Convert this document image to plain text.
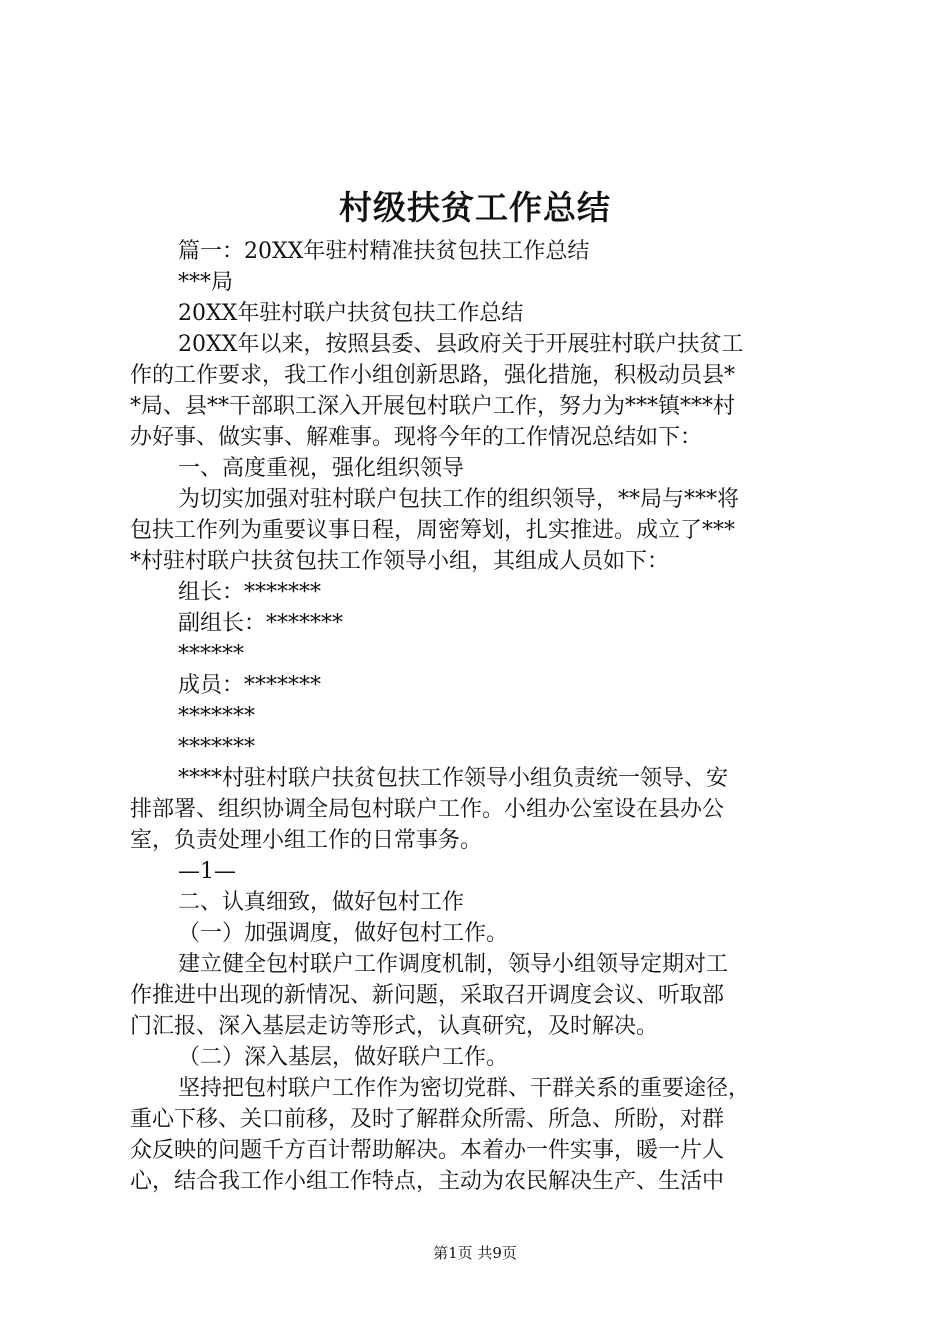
村级扶贫工作总结

篇一：20XX年驻村精准扶贫包扶工作总结

***局

20XX年驻村联户扶贫包扶工作总结

20XX年以来，按照县委、县政府关于开展驻村联户扶贫工

作的工作要求，我工作小组创新思路，强化措施，积极动员县*

*局、县**干部职工深入开展包村联户工作，努力为***镇***村

办好事、做实事、解难事。现将今年的工作情况总结如下：

一、高度重视，强化组织领导

为切实加强对驻村联户包扶工作的组织领导，**局与***将

包扶工作列为重要议事日程，周密筹划，扎实推进。成立了***

*村驻村联户扶贫包扶工作领导小组，其组成人员如下：

组长：*******

副组长：*******

******

成员：*******

*******

*******

****村驻村联户扶贫包扶工作领导小组负责统一领导、安

排部署、组织协调全局包村联户工作。小组办公室设在县办公

室，负责处理小组工作的日常事务。

—1—

二、认真细致，做好包村工作

（一）加强调度，做好包村工作。

建立健全包村联户工作调度机制，领导小组领导定期对工

作推进中出现的新情况、新问题，采取召开调度会议、听取部

门汇报、深入基层走访等形式，认真研究，及时解决。

（二）深入基层，做好联户工作。

坚持把包村联户工作作为密切党群、干群关系的重要途径，

重心下移、关口前移，及时了解群众所需、所急、所盼，对群

众反映的问题千方百计帮助解决。本着办一件实事，暖一片人

心，结合我工作小组工作特点，主动为农民解决生产、生活中

第1页 共9页
